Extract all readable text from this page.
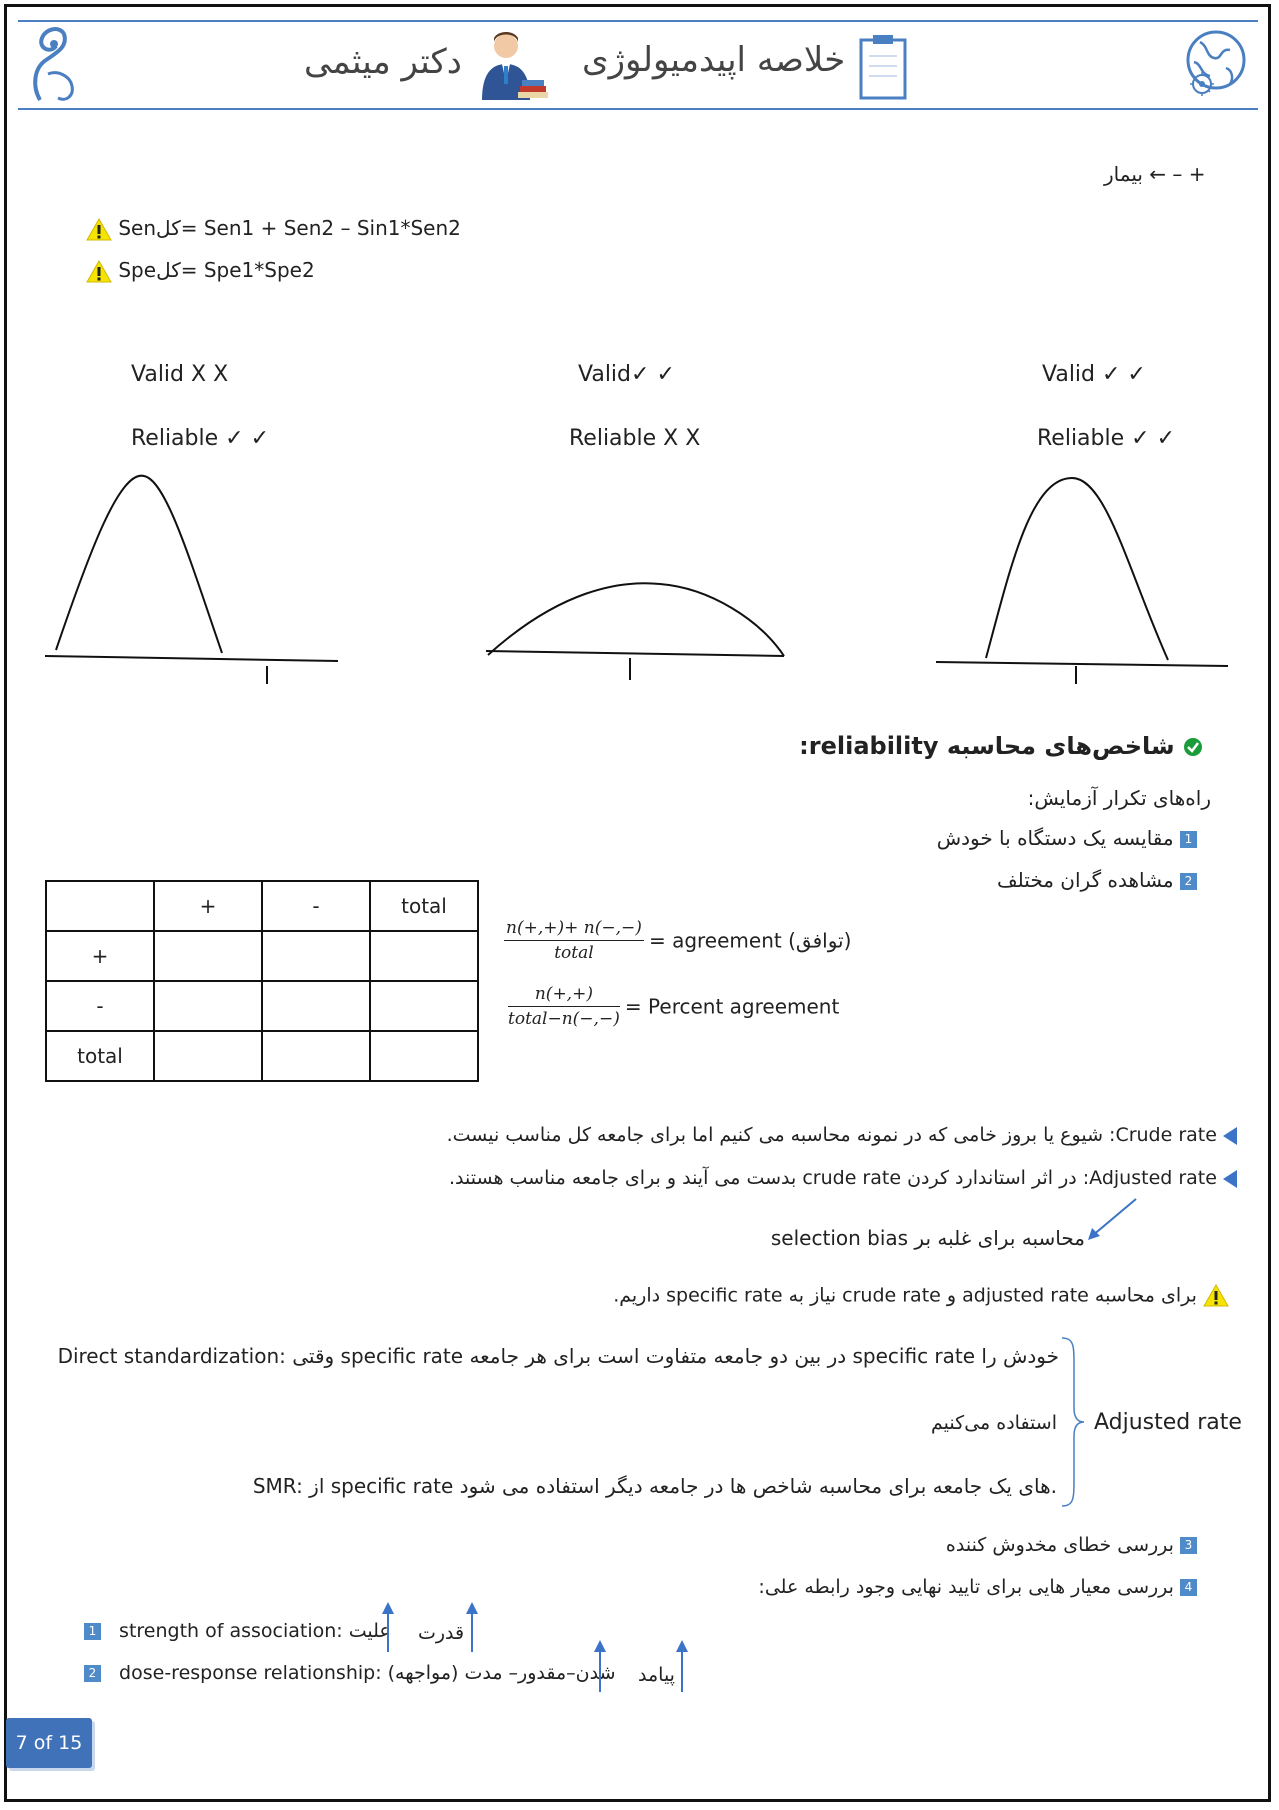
خلاصه اپیدمیولوژی
دکتر میثمی
+ – ← بیمار
Senكل= Sen1 + Sen2 – Sin1*Sen2
Speكل= Spe1*Spe2
Valid X X
Reliable ✓ ✓
Valid✓ ✓
Reliable X X
Valid ✓ ✓
Reliable ✓ ✓
شاخص‌های محاسبه reliability:
راه‌های تکرار آزمایش:
1 مقایسه یک دستگاه با خودش
2 مشاهده گران مختلف
	+	-	total
+			
-			
total			
$\frac{n(+,+)+ n(-,-)}{\text{total}}$ = agreement (توافق)
$\frac{n(+,+)}{\text{total−n(−,−)}}$ = Percent agreement
Crude rate: شیوع یا بروز خامی که در نمونه محاسبه می کنیم اما برای جامعه کل مناسب نیست.
Adjusted rate: در اثر استاندارد کردن crude rate بدست می آیند و برای جامعه مناسب هستند.
محاسبه برای غلبه بر selection bias
برای محاسبه adjusted rate و crude rate نیاز به specific rate داریم.
Direct standardization: وقتی specific rate در بین دو جامعه متفاوت است برای هر جامعه specific rate خودش را
استفاده می‌کنیم
SMR: از specific rate های یک جامعه برای محاسبه شاخص ها در جامعه دیگر استفاده می شود.
Adjusted rate
3 بررسی خطای مخدوش کننده
4 بررسی معیار هایی برای تایید نهایی وجود رابطه علی:
1 strength of association: علیت قدرت
2 dose-response relationship: شدن–مقدور– مدت (مواجهه) پیامد
7 of 15
